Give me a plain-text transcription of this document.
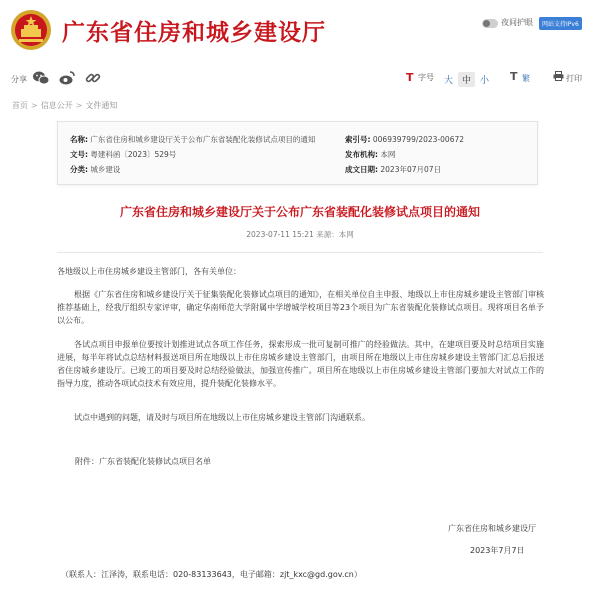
广东省住房和城乡建设厅	夜间护眼	网站支持IPv6
分享	T 字号 大 中 小 T 繁	打印
首页 > 信息公开 > 文件通知
名称: 广东省住房和城乡建设厅关于公布广东省装配化装修试点项目的通知
文号: 粤建科函〔2023〕529号
分类: 城乡建设
索引号: 006939799/2023-00672
发布机构: 本网
成文日期: 2023年07月07日
广东省住房和城乡建设厅关于公布广东省装配化装修试点项目的通知
2023-07-11 15:21 来源：本网
各地级以上市住房城乡建设主管部门，各有关单位：
根据《广东省住房和城乡建设厅关于征集装配化装修试点项目的通知》，在相关单位自主申报、地级以上市住房城乡建设主管部门审核推荐基础上，经我厅组织专家评审，确定华南师范大学附属中学增城学校项目等23个项目为广东省装配化装修试点项目。现将项目名单予以公布。
各试点项目申报单位要按计划推进试点各项工作任务，探索形成一批可复制可推广的经验做法。其中，在建项目要及时总结项目实施进展，每半年将试点总结材料报送项目所在地级以上市住房城乡建设主管部门，由项目所在地级以上市住房城乡建设主管部门汇总后报送省住房城乡建设厅。已竣工的项目要及时总结经验做法，加强宣传推广。项目所在地级以上市住房城乡建设主管部门要加大对试点工作的指导力度，推动各项试点技术有效应用，提升装配化装修水平。
试点中遇到的问题，请及时与项目所在地级以上市住房城乡建设主管部门沟通联系。
附件：广东省装配化装修试点项目名单
广东省住房和城乡建设厅
2023年7月7日
（联系人：江泽涛，联系电话：020-83133643，电子邮箱：zjt_kxc@gd.gov.cn）
